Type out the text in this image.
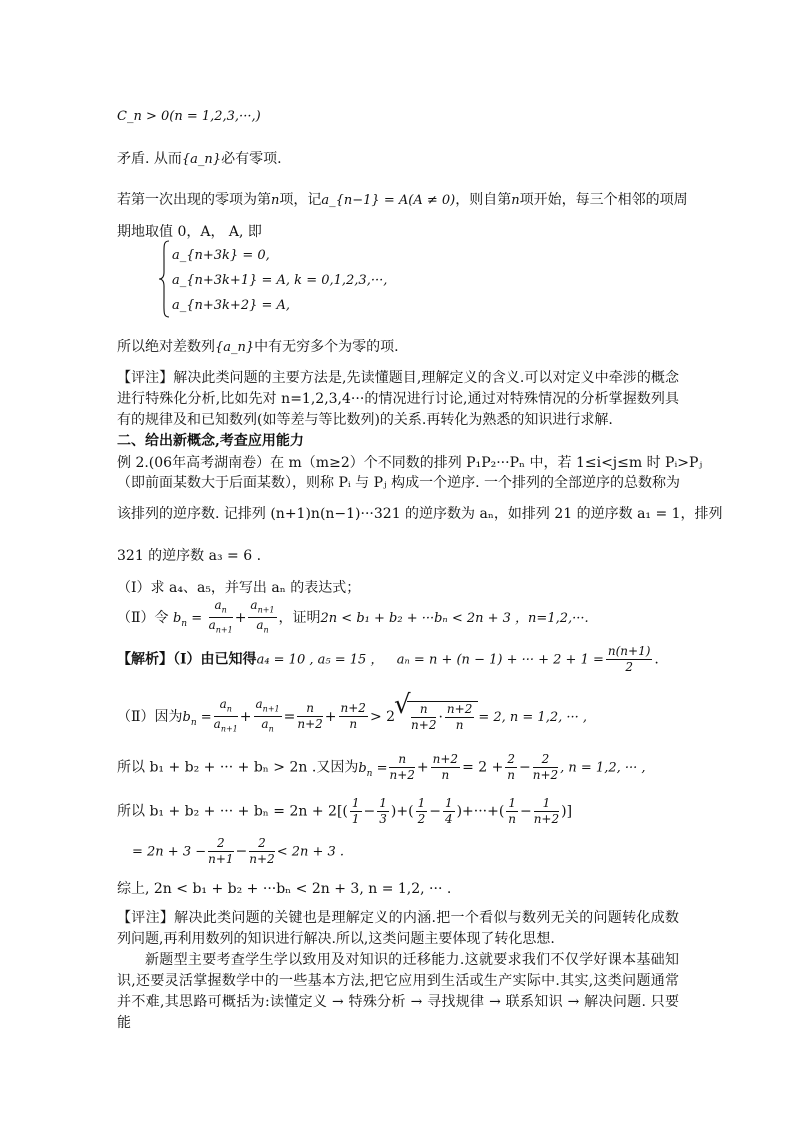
C_n > 0(n = 1,2,3,···,)
矛盾. 从而{a_n}必有零项.
若第一次出现的零项为第n项，记a_{n−1} = A(A ≠ 0)，则自第n项开始，每三个相邻的项周
期地取值 0，A， A, 即
a_{n+3k} = 0,
a_{n+3k+1} = A, k = 0,1,2,3,···,
a_{n+3k+2} = A,
所以绝对差数列{a_n}中有无穷多个为零的项.
【评注】解决此类问题的主要方法是,先读懂题目,理解定义的含义.可以对定义中牵涉的概念进行特殊化分析,比如先对 n=1,2,3,4···的情况进行讨论,通过对特殊情况的分析掌握数列具有的规律及和已知数列(如等差与等比数列)的关系.再转化为熟悉的知识进行求解.
二、给出新概念,考查应用能力
例 2.(06年高考湖南卷）在 m（m≥2）个不同数的排列 P₁P₂···Pₙ 中，若 1≤i<j≤m 时 Pᵢ>Pⱼ
（即前面某数大于后面某数），则称 Pᵢ 与 Pⱼ 构成一个逆序. 一个排列的全部逆序的总数称为
该排列的逆序数. 记排列 (n+1)n(n−1)···321 的逆序数为 aₙ，如排列 21 的逆序数 a₁ = 1，排列
321 的逆序数 a₃ = 6 .
（Ⅰ）求 a₄、a₅，并写出 aₙ 的表达式；
（Ⅱ）令 $b_n = \frac{a_n}{a_{n+1}} + \frac{a_{n+1}}{a_n}$ ，证明2n < b₁ + b₂ + ···bₙ < 2n + 3 ，n=1,2,···.
【解析】（Ⅰ）由已知得a₄ = 10 , a₅ = 15 ， aₙ = n + (n − 1) + ··· + $2 + 1 = \frac{n(n+1)}{2}$ .
（Ⅱ）因为$b_n = \frac{a_n}{a_{n+1}} + \frac{a_{n+1}}{a_n} = \frac{n}{n+2} + \frac{n+2}{n} > 2$
√ $\frac{n}{n+2} \cdot \frac{n+2}{n} = 2$, n = 1,2, ··· ,
所以 b₁ + b₂ + ··· + bₙ > 2n .又因为$b_n = \frac{n}{n+2} + \frac{n+2}{n} = 2 + \frac{2}{n} - \frac{2}{n+2}$ , n = 1,2, ··· ,
所以 b₁ + b₂ + ··· + $b_n = 2n + 2[( \frac{1}{1} - \frac{1}{3}$ )+( $\frac{1}{2} - \frac{1}{4}$ )+···+( $\frac{1}{n} - \frac{1}{n+2}$ )]
= $2n + 3 - \frac{2}{n+1} - \frac{2}{n+2} < 2n + 3$ .
综上, 2n < b₁ + b₂ + ···bₙ < 2n + 3, n = 1,2, ··· .
【评注】解决此类问题的关键也是理解定义的内涵.把一个看似与数列无关的问题转化成数列问题,再利用数列的知识进行解决.所以,这类问题主要体现了转化思想.
新题型主要考查学生学以致用及对知识的迁移能力.这就要求我们不仅学好课本基础知识,还要灵活掌握数学中的一些基本方法,把它应用到生活或生产实际中.其实,这类问题通常并不难,其思路可概括为:读懂定义 → 特殊分析 → 寻找规律 → 联系知识 → 解决问题. 只要能
